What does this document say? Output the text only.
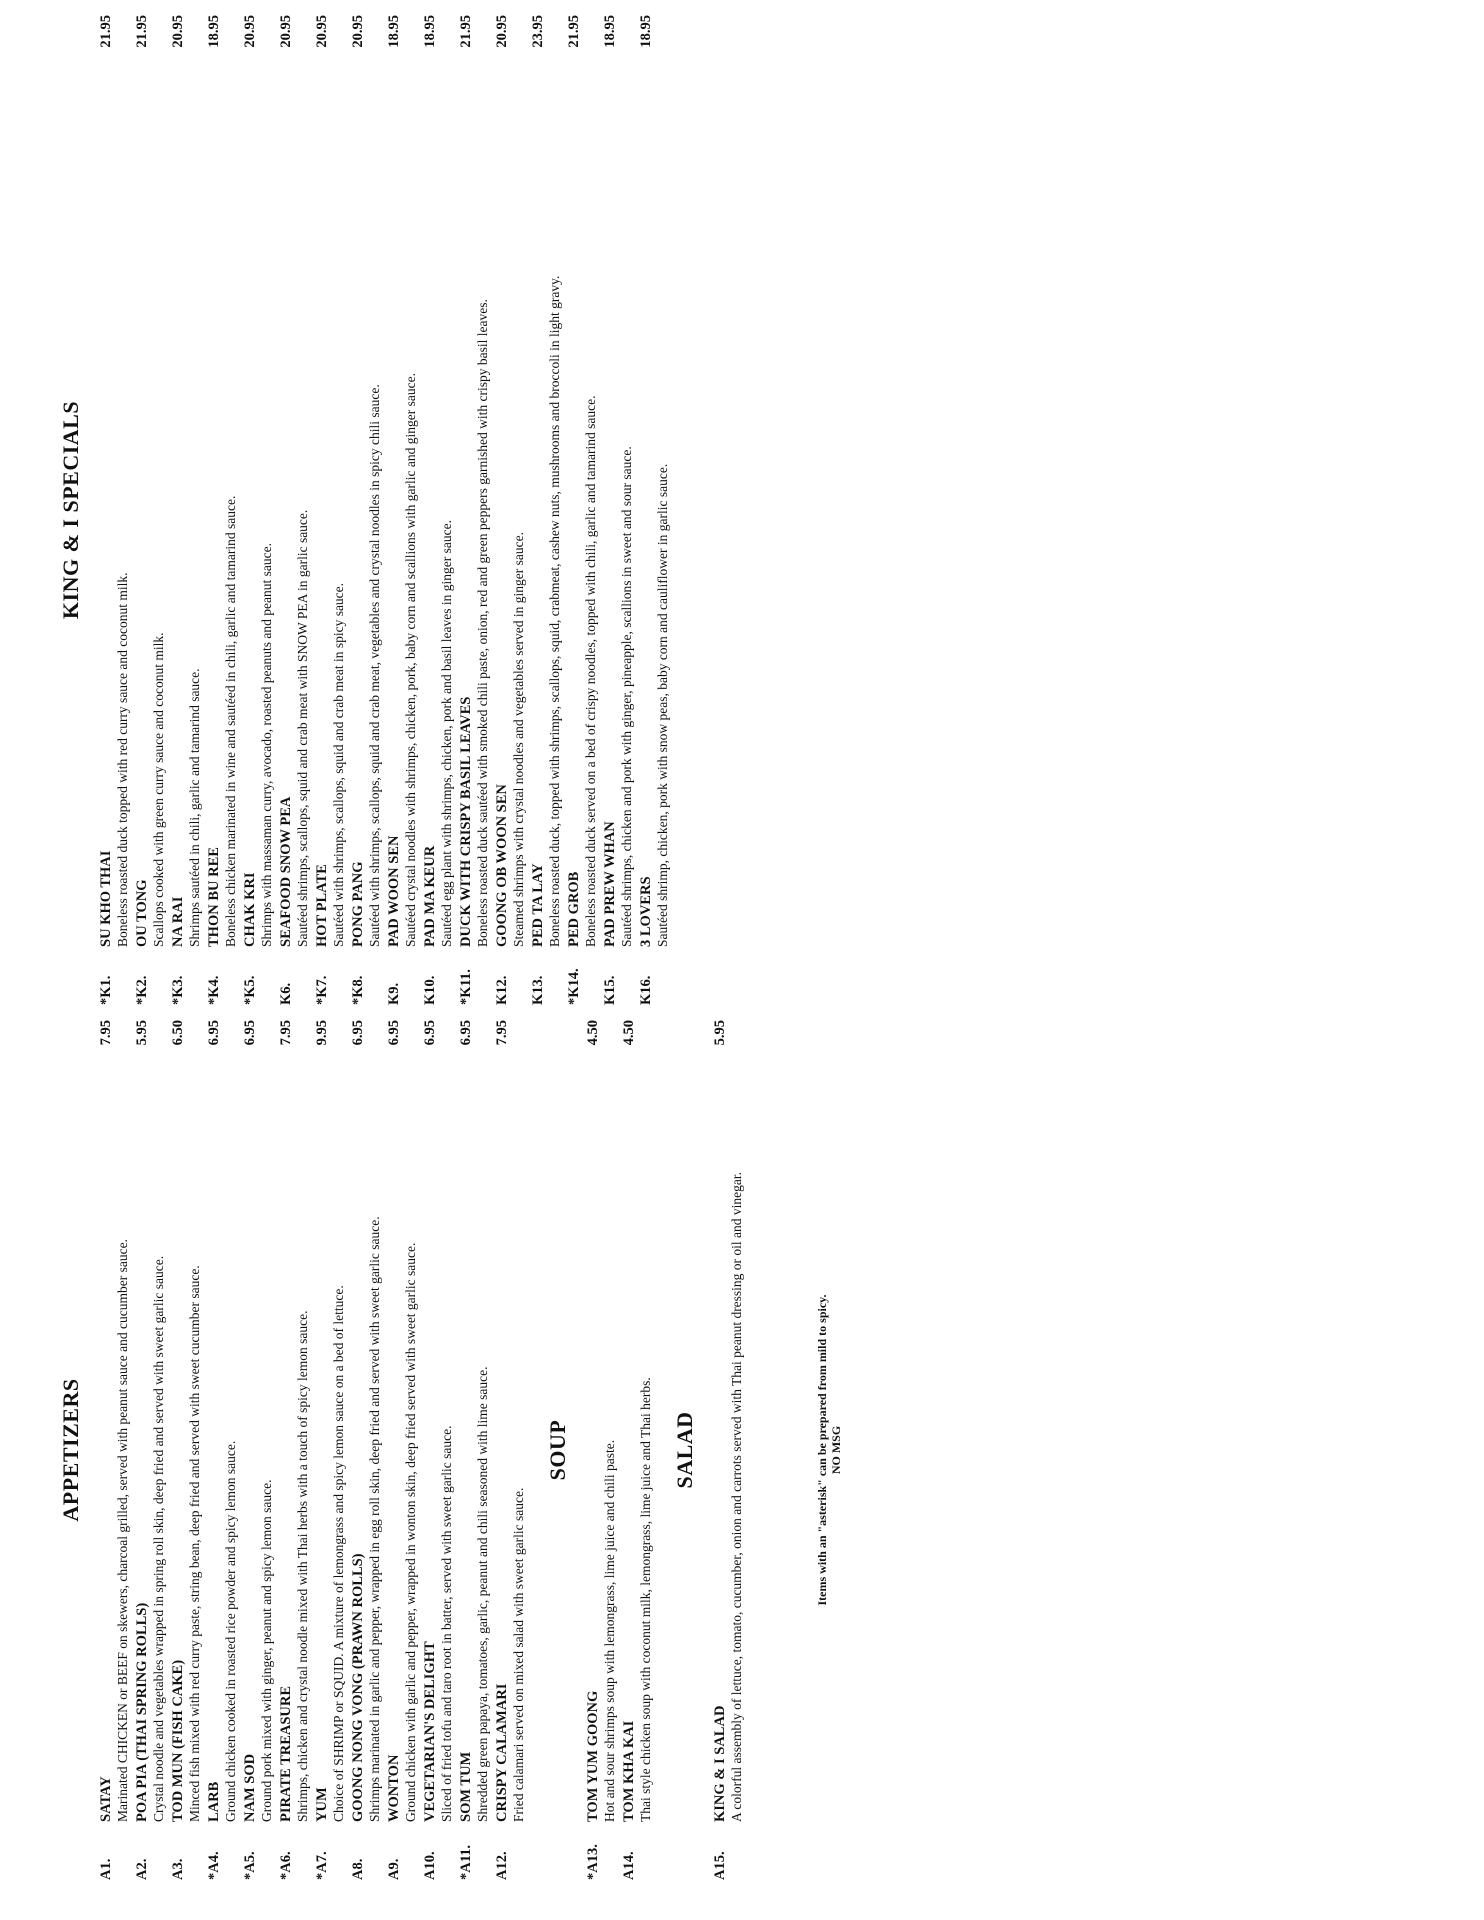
APPETIZERS
A1.
SATAY Marinated CHICKEN or BEEF on skewers, charcoal grilled, served with peanut sauce and cucumber sauce.
7.95
A2.
POA PIA (THAI SPRING ROLLS) Crystal noodle and vegetables wrapped in spring roll skin, deep fried and served with sweet garlic sauce.
5.95
A3.
TOD MUN (FISH CAKE) Minced fish mixed with red curry paste, string bean, deep fried and served with sweet cucumber sauce.
6.50
*A4.
LARB Ground chicken cooked in roasted rice powder and spicy lemon sauce.
6.95
*A5.
NAM SOD Ground pork mixed with ginger, peanut and spicy lemon sauce.
6.95
*A6.
PIRATE TREASURE Shrimps, chicken and crystal noodle mixed with Thai herbs with a touch of spicy lemon sauce.
7.95
*A7.
YUM Choice of SHRIMP or SQUID. A mixture of lemongrass and spicy lemon sauce on a bed of lettuce.
9.95
A8.
GOONG NONG VONG (PRAWN ROLLS) Shrimps marinated in garlic and pepper, wrapped in egg roll skin, deep fried and served with sweet garlic sauce.
6.95
A9.
WONTON Ground chicken with garlic and pepper, wrapped in wonton skin, deep fried served with sweet garlic sauce.
6.95
A10.
VEGETARIAN'S DELIGHT Sliced of fried tofu and taro root in batter, served with sweet garlic sauce.
6.95
*A11.
SOM TUM Shredded green papaya, tomatoes, garlic, peanut and chili seasoned with lime sauce.
6.95
A12.
CRISPY CALAMARI Fried calamari served on mixed salad with sweet garlic sauce.
7.95
SOUP
*A13.
TOM YUM GOONG Hot and sour shrimps soup with lemongrass, lime juice and chili paste.
4.50
A14.
TOM KHA KAI Thai style chicken soup with coconut milk, lemongrass, lime juice and Thai herbs.
4.50
SALAD
A15.
KING & I SALAD A colorful assembly of lettuce, tomato, cucumber, onion and carrots served with Thai peanut dressing or oil and vinegar.
5.95
Items with an "asterisk" can be prepared from mild to spicy. NO MSG
KING & I SPECIALS
*K1.
SU KHO THAI Boneless roasted duck topped with red curry sauce and coconut milk.
21.95
*K2.
OU TONG Scallops cooked with green curry sauce and coconut milk.
21.95
*K3.
NA RAI Shrimps sautéed in chili, garlic and tamarind sauce.
20.95
*K4.
THON BU REE Boneless chicken marinated in wine and sautéed in chili, garlic and tamarind sauce.
18.95
*K5.
CHAK KRI Shrimps with massaman curry, avocado, roasted peanuts and peanut sauce.
20.95
K6.
SEAFOOD SNOW PEA Sautéed shrimps, scallops, squid and crab meat with SNOW PEA in garlic sauce.
20.95
*K7.
HOT PLATE Sautéed with shrimps, scallops, squid and crab meat in spicy sauce.
20.95
*K8.
PONG PANG Sautéed with shrimps, scallops, squid and crab meat, vegetables and crystal noodles in spicy chili sauce.
20.95
K9.
PAD WOON SEN Sautéed crystal noodles with shrimps, chicken, pork, baby corn and scallions with garlic and ginger sauce.
18.95
K10.
PAD MA KEUR Sautéed egg plant with shrimps, chicken, pork and basil leaves in ginger sauce.
18.95
*K11.
DUCK WITH CRISPY BASIL LEAVES Boneless roasted duck sautéed with smoked chili paste, onion, red and green peppers garnished with crispy basil leaves.
21.95
K12.
GOONG OB WOON SEN Steamed shrimps with crystal noodles and vegetables served in ginger sauce.
20.95
K13.
PED TA LAY Boneless roasted duck, topped with shrimps, scallops, squid, crabmeat, cashew nuts, mushrooms and broccoli in light gravy.
23.95
*K14.
PED GROB Boneless roasted duck served on a bed of crispy noodles, topped with chili, garlic and tamarind sauce.
21.95
K15.
PAD PREW WHAN Sautéed shrimps, chicken and pork with ginger, pineapple, scallions in sweet and sour sauce.
18.95
K16.
3 LOVERS Sautéed shrimp, chicken, pork with snow peas, baby corn and cauliflower in garlic sauce.
18.95
